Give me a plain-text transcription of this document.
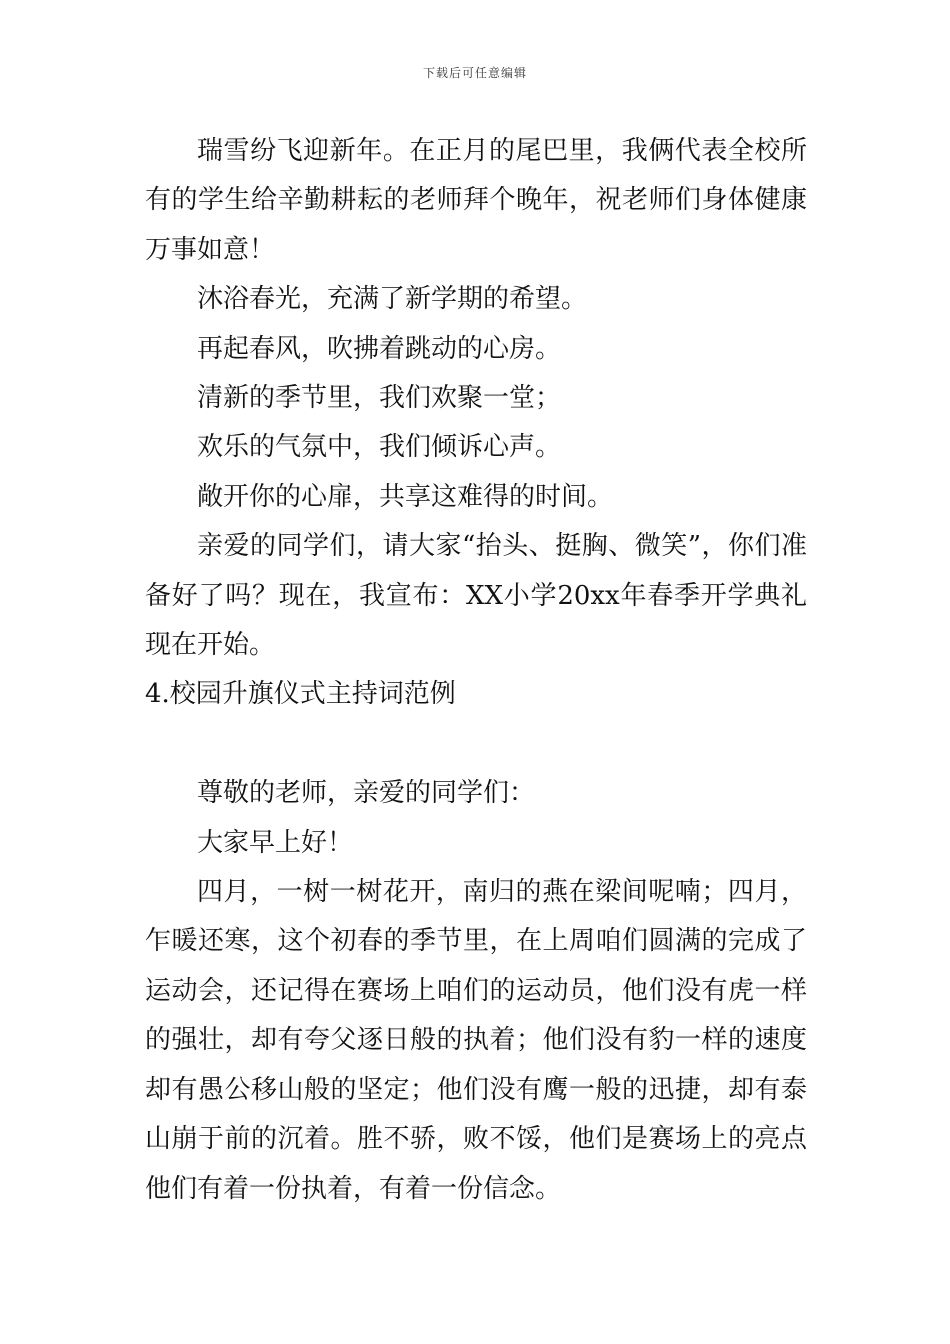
下载后可任意编辑

瑞雪纷飞迎新年。在正月的尾巴里，我俩代表全校所有的学生给辛勤耕耘的老师拜个晚年，祝老师们身体健康万事如意！

沐浴春光，充满了新学期的希望。

再起春风，吹拂着跳动的心房。

清新的季节里，我们欢聚一堂；

欢乐的气氛中，我们倾诉心声。

敞开你的心扉，共享这难得的时间。

亲爱的同学们，请大家“抬头、挺胸、微笑”，你们准备好了吗？现在，我宣布：XX小学20xx年春季开学典礼现在开始。

4.校园升旗仪式主持词范例

尊敬的老师，亲爱的同学们：

大家早上好！

四月，一树一树花开，南归的燕在梁间呢喃；四月，乍暖还寒，这个初春的季节里，在上周咱们圆满的完成了运动会，还记得在赛场上咱们的运动员，他们没有虎一样的强壮，却有夸父逐日般的执着；他们没有豹一样的速度却有愚公移山般的坚定；他们没有鹰一般的迅捷，却有泰山崩于前的沉着。胜不骄，败不馁，他们是赛场上的亮点他们有着一份执着，有着一份信念。
